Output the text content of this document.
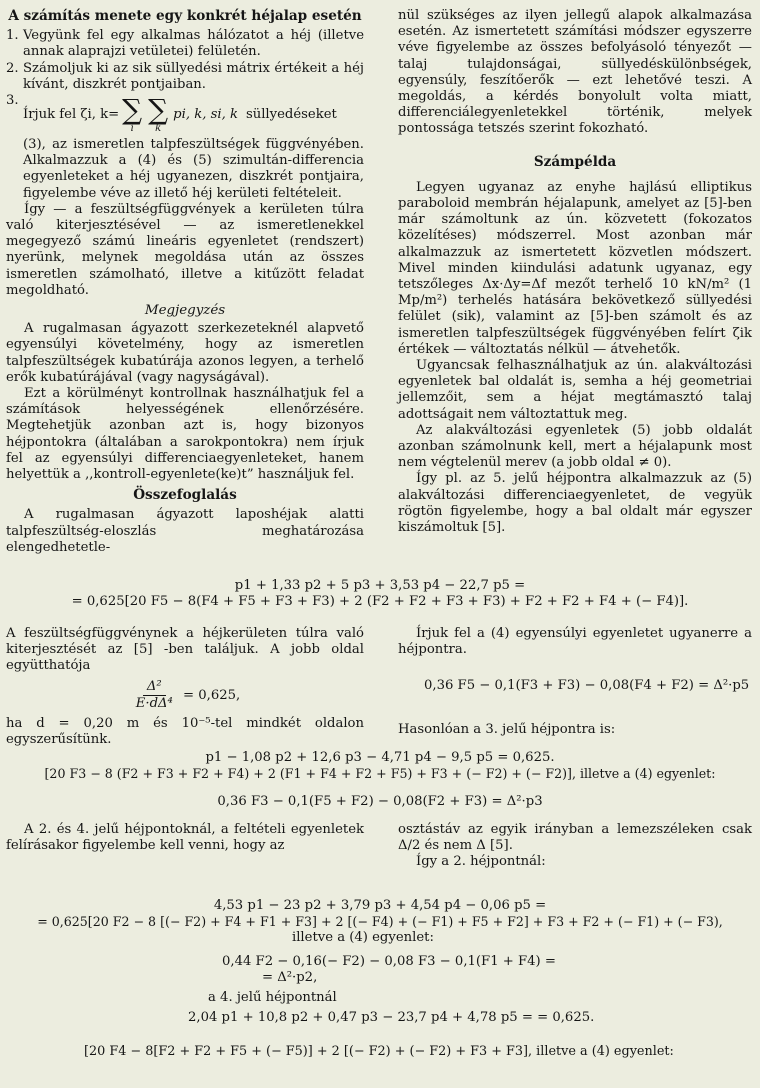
A számítás menete egy konkrét héjalap esetén
1. Vegyünk fel egy alkalmas hálózatot a héj (illetve annak alaprajzi vetületei) felületén.
2. Számoljuk ki az sik süllyedési mátrix értékeit a héj kívánt, diszkrét pontjaiban.
3.
Írjuk fel ζi, k= ∑
i
∑
k
pi, k, si, k süllyedéseket
(3), az ismeretlen talpfeszültségek függvényében. Alkalmazzuk a (4) és (5) szimultán-differencia egyenleteket a héj ugyanezen, diszkrét pontjaira, figyelembe véve az illető héj kerületi feltételeit.

Így — a feszültségfüggvények a kerületen túlra való kiterjesztésével — az ismeretlenekkel megegyező számú lineáris egyenletet (rendszert) nyerünk, melynek megoldása után az összes ismeretlen számolható, illetve a kitűzött feladat megoldható.

Megjegyzés

A rugalmasan ágyazott szerkezeteknél alapvető egyensúlyi követelmény, hogy az ismeretlen talpfeszültségek kubatúrája azonos legyen, a terhelő erők kubatúrájával (vagy nagyságával).

Ezt a körülményt kontrollnak használhatjuk fel a számítások helyességének ellenőrzésére. Megtehetjük azonban azt is, hogy bizonyos héjpontokra (általában a sarokpontokra) nem írjuk fel az egyensúlyi differenciaegyenleteket, hanem helyettük a ,,kontroll-egyenlete(ke)t” használjuk fel.

Összefoglalás

A rugalmasan ágyazott laposhéjak alatti talpfeszültség-eloszlás meghatározása elengedhetetle-

nül szükséges az ilyen jellegű alapok alkalmazása esetén. Az ismertetett számítási módszer egyszerre véve figyelembe az összes befolyásoló tényezőt — talaj tulajdonságai, süllyedéskülönbségek, egyensúly, feszítőerők — ezt lehetővé teszi. A megoldás, a kérdés bonyolult volta miatt, differenciálegyenletekkel történik, melyek pontossága tetszés szerint fokozható.

Számpélda

Legyen ugyanaz az enyhe hajlású elliptikus paraboloid membrán héjalapunk, amelyet az [5]-ben már számoltunk az ún. közvetett (fokozatos közelítéses) módszerrel. Most azonban már alkalmazzuk az ismertetett közvetlen módszert. Mivel minden kiindulási adatunk ugyanaz, egy tetszőleges Δx·Δy=Δf mezőt terhelő 10 kN/m² (1 Mp/m²) terhelés hatására bekövetkező süllyedési felület (sik), valamint az [5]-ben számolt és az ismeretlen talpfeszültségek függvényében felírt ζik értékek — változtatás nélkül — átvehetők.

Ugyancsak felhasználhatjuk az ún. alakváltozási egyenletek bal oldalát is, semha a héj geometriai jellemzőit, sem a héjat megtámasztó talaj adottságait nem változtattuk meg.

Az alakváltozási egyenletek (5) jobb oldalát azonban számolnunk kell, mert a héjalapunk most nem végtelenül merev (a jobb oldal ≠ 0).

Így pl. az 5. jelű héjpontra alkalmazzuk az (5) alakváltozási differenciaegyenletet, de vegyük rögtön figyelembe, hogy a bal oldalt már egyszer kiszámoltuk [5].

p1 + 1,33 p2 + 5 p3 + 3,53 p4 − 22,7 p5 =
= 0,625[20 F5 − 8(F4 + F5 + F3 + F3) + 2 (F2 + F2 + F3 + F3) + F2 + F2 + F4 + (− F4)].

A feszültségfüggvénynek a héjkerületen túlra való kiterjesztését az [5] -ben találjuk. A jobb oldal együtthatója

$\frac{\text{Δ²}}{\text{E·dΔ⁴}} = 0,625$,

ha d = 0,20 m és 10⁻⁵-tel mindkét oldalon egyszerűsítünk.

Írjuk fel a (4) egyensúlyi egyenletet ugyanerre a héjpontra.

0,36 F5 − 0,1(F3 + F3) − 0,08(F4 + F2) = Δ²·p5
Hasonlóan a 3. jelű héjpontra is:
p1 − 1,08 p2 + 12,6 p3 − 4,71 p4 − 9,5 p5 = 0,625.
[20 F3 − 8 (F2 + F3 + F2 + F4) + 2 (F1 + F4 + F2 + F5) + F3 + (− F2) + (− F2)], illetve a (4) egyenlet:
0,36 F3 − 0,1(F5 + F2) − 0,08(F2 + F3) = Δ²·p3

A 2. és 4. jelű héjpontoknál, a feltételi egyenletek felírásakor figyelembe kell venni, hogy az

osztástáv az egyik irányban a lemezszéleken csak Δ/2 és nem Δ [5].

Így a 2. héjpontnál:

4,53 p1 − 23 p2 + 3,79 p3 + 4,54 p4 − 0,06 p5 =
= 0,625[20 F2 − 8 [(− F2) + F4 + F1 + F3] + 2 [(− F4) + (− F1) + F5 + F2] + F3 + F2 + (− F1) + (− F3),
illetve a (4) egyenlet:
0,44 F2 − 0,16(− F2) − 0,08 F3 − 0,1(F1 + F4) =
= Δ²·p2,
a 4. jelű héjpontnál
2,04 p1 + 10,8 p2 + 0,47 p3 − 23,7 p4 + 4,78 p5 = = 0,625.
[20 F4 − 8[F2 + F2 + F5 + (− F5)] + 2 [(− F2) + (− F2) + F3 + F3], illetve a (4) egyenlet:
